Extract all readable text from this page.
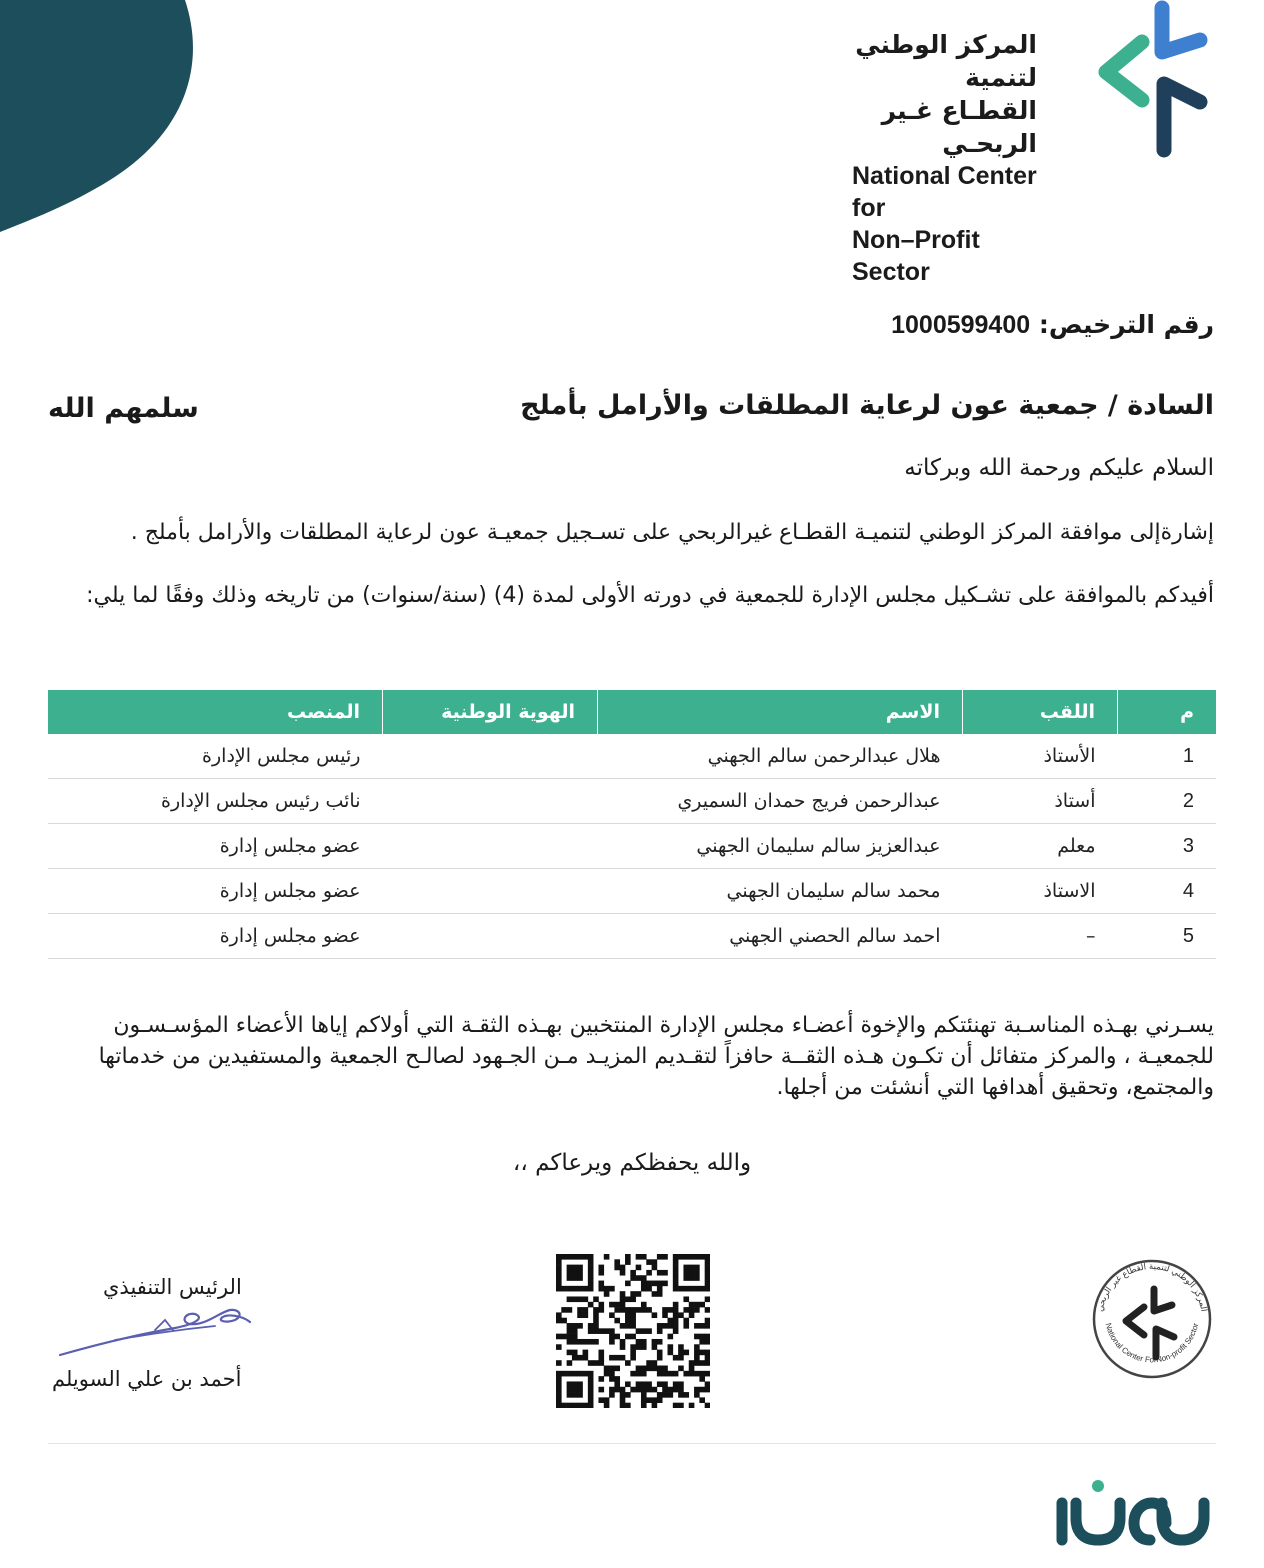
المركز الوطني لتنمية
القطـاع غـير الربحـي
National Center for
Non–Profit Sector
رقم الترخيص: 1000599400
السادة / جمعية عون لرعاية المطلقات والأرامل بأملج
سلمهم الله
السلام عليكم ورحمة الله وبركاته
إشارةإلى موافقة المركز الوطني لتنميـة القطـاع غيرالربحي على تسـجيل جمعيـة عون لرعاية المطلقات والأرامل بأملج .
أفيدكم بالموافقة على تشـكيل مجلس الإدارة للجمعية في دورته الأولى لمدة (4) (سنة/سنوات) من تاريخه وذلك وفقًا لما يلي:
م	اللقب	الاسم	الهوية الوطنية	المنصب
1	الأستاذ	هلال عبدالرحمن سالم الجهني		رئيس مجلس الإدارة
2	أستاذ	عبدالرحمن فريج حمدان السميري		نائب رئيس مجلس الإدارة
3	معلم	عبدالعزيز سالم سليمان الجهني		عضو مجلس إدارة
4	الاستاذ	محمد سالم سليمان الجهني		عضو مجلس إدارة
5	–	احمد سالم الحصني الجهني		عضو مجلس إدارة
يسـرني بهـذه المناسـبة تهنئتكم والإخوة أعضـاء مجلس الإدارة المنتخبين بهـذه الثقـة التي أولاكم إياها الأعضاء المؤسـسـون للجمعيـة ، والمركز متفائل أن تكـون هـذه الثقــة حافزاً لتقـديم المزيـد مـن الجـهود لصالـح الجمعية والمستفيدين من خدماتها والمجتمع، وتحقيق أهدافها التي أنشئت من أجلها.
والله يحفظكم ويرعاكم ،،
الرئيس التنفيذي
أحمد بن علي السويلم
المركز الوطني لتنمية القطاع غير الربحي
National Center ForNon-profit Sector
